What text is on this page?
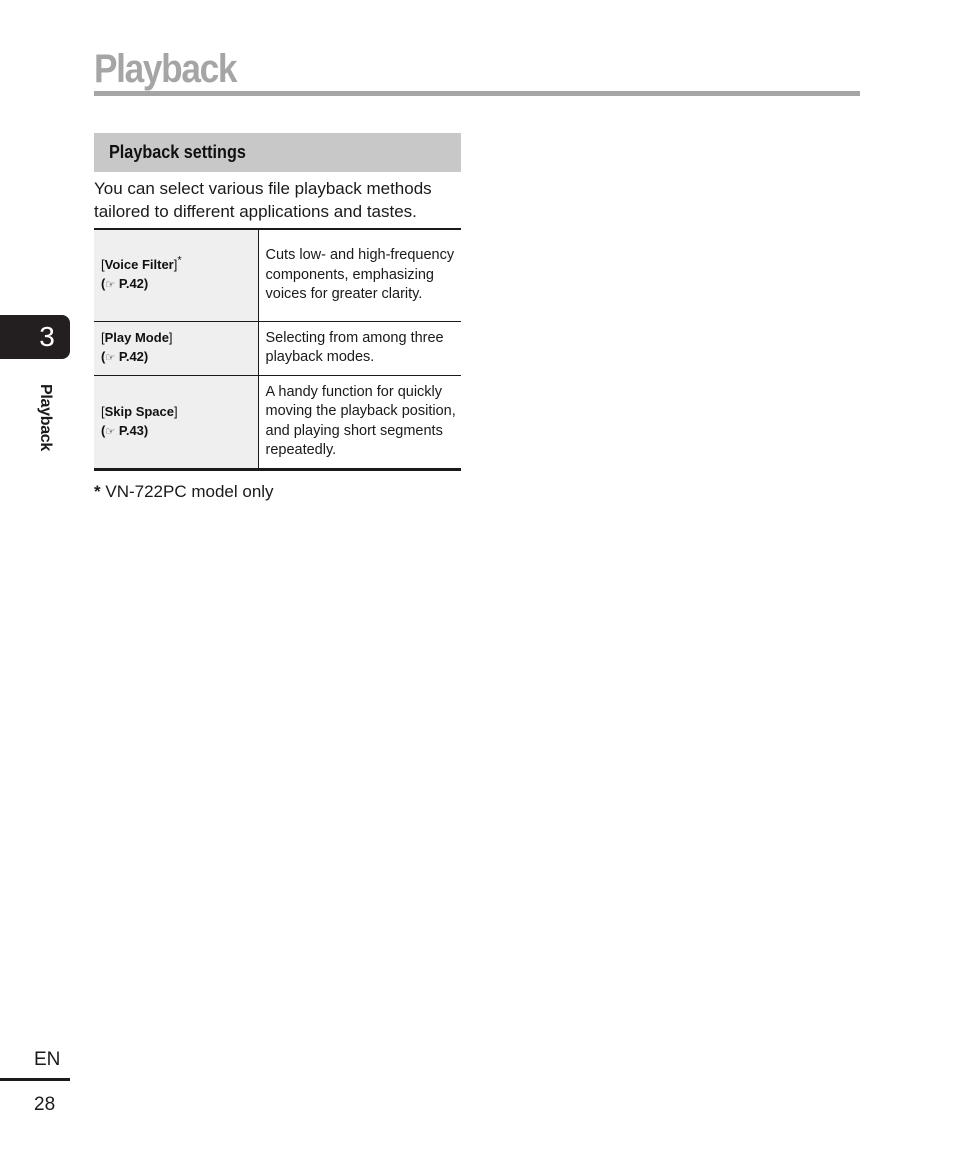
Playback
Playback settings
You can select various file playback methods tailored to different applications and tastes.
[Voice Filter]*
(☞ P.42)	Cuts low- and high-frequency components, emphasizing voices for greater clarity.
[Play Mode]
(☞ P.42)	Selecting from among three playback modes.
[Skip Space]
(☞ P.43)	A handy function for quickly moving the playback position, and playing short segments repeatedly.
* VN-722PC model only
3
Playback
EN
28
